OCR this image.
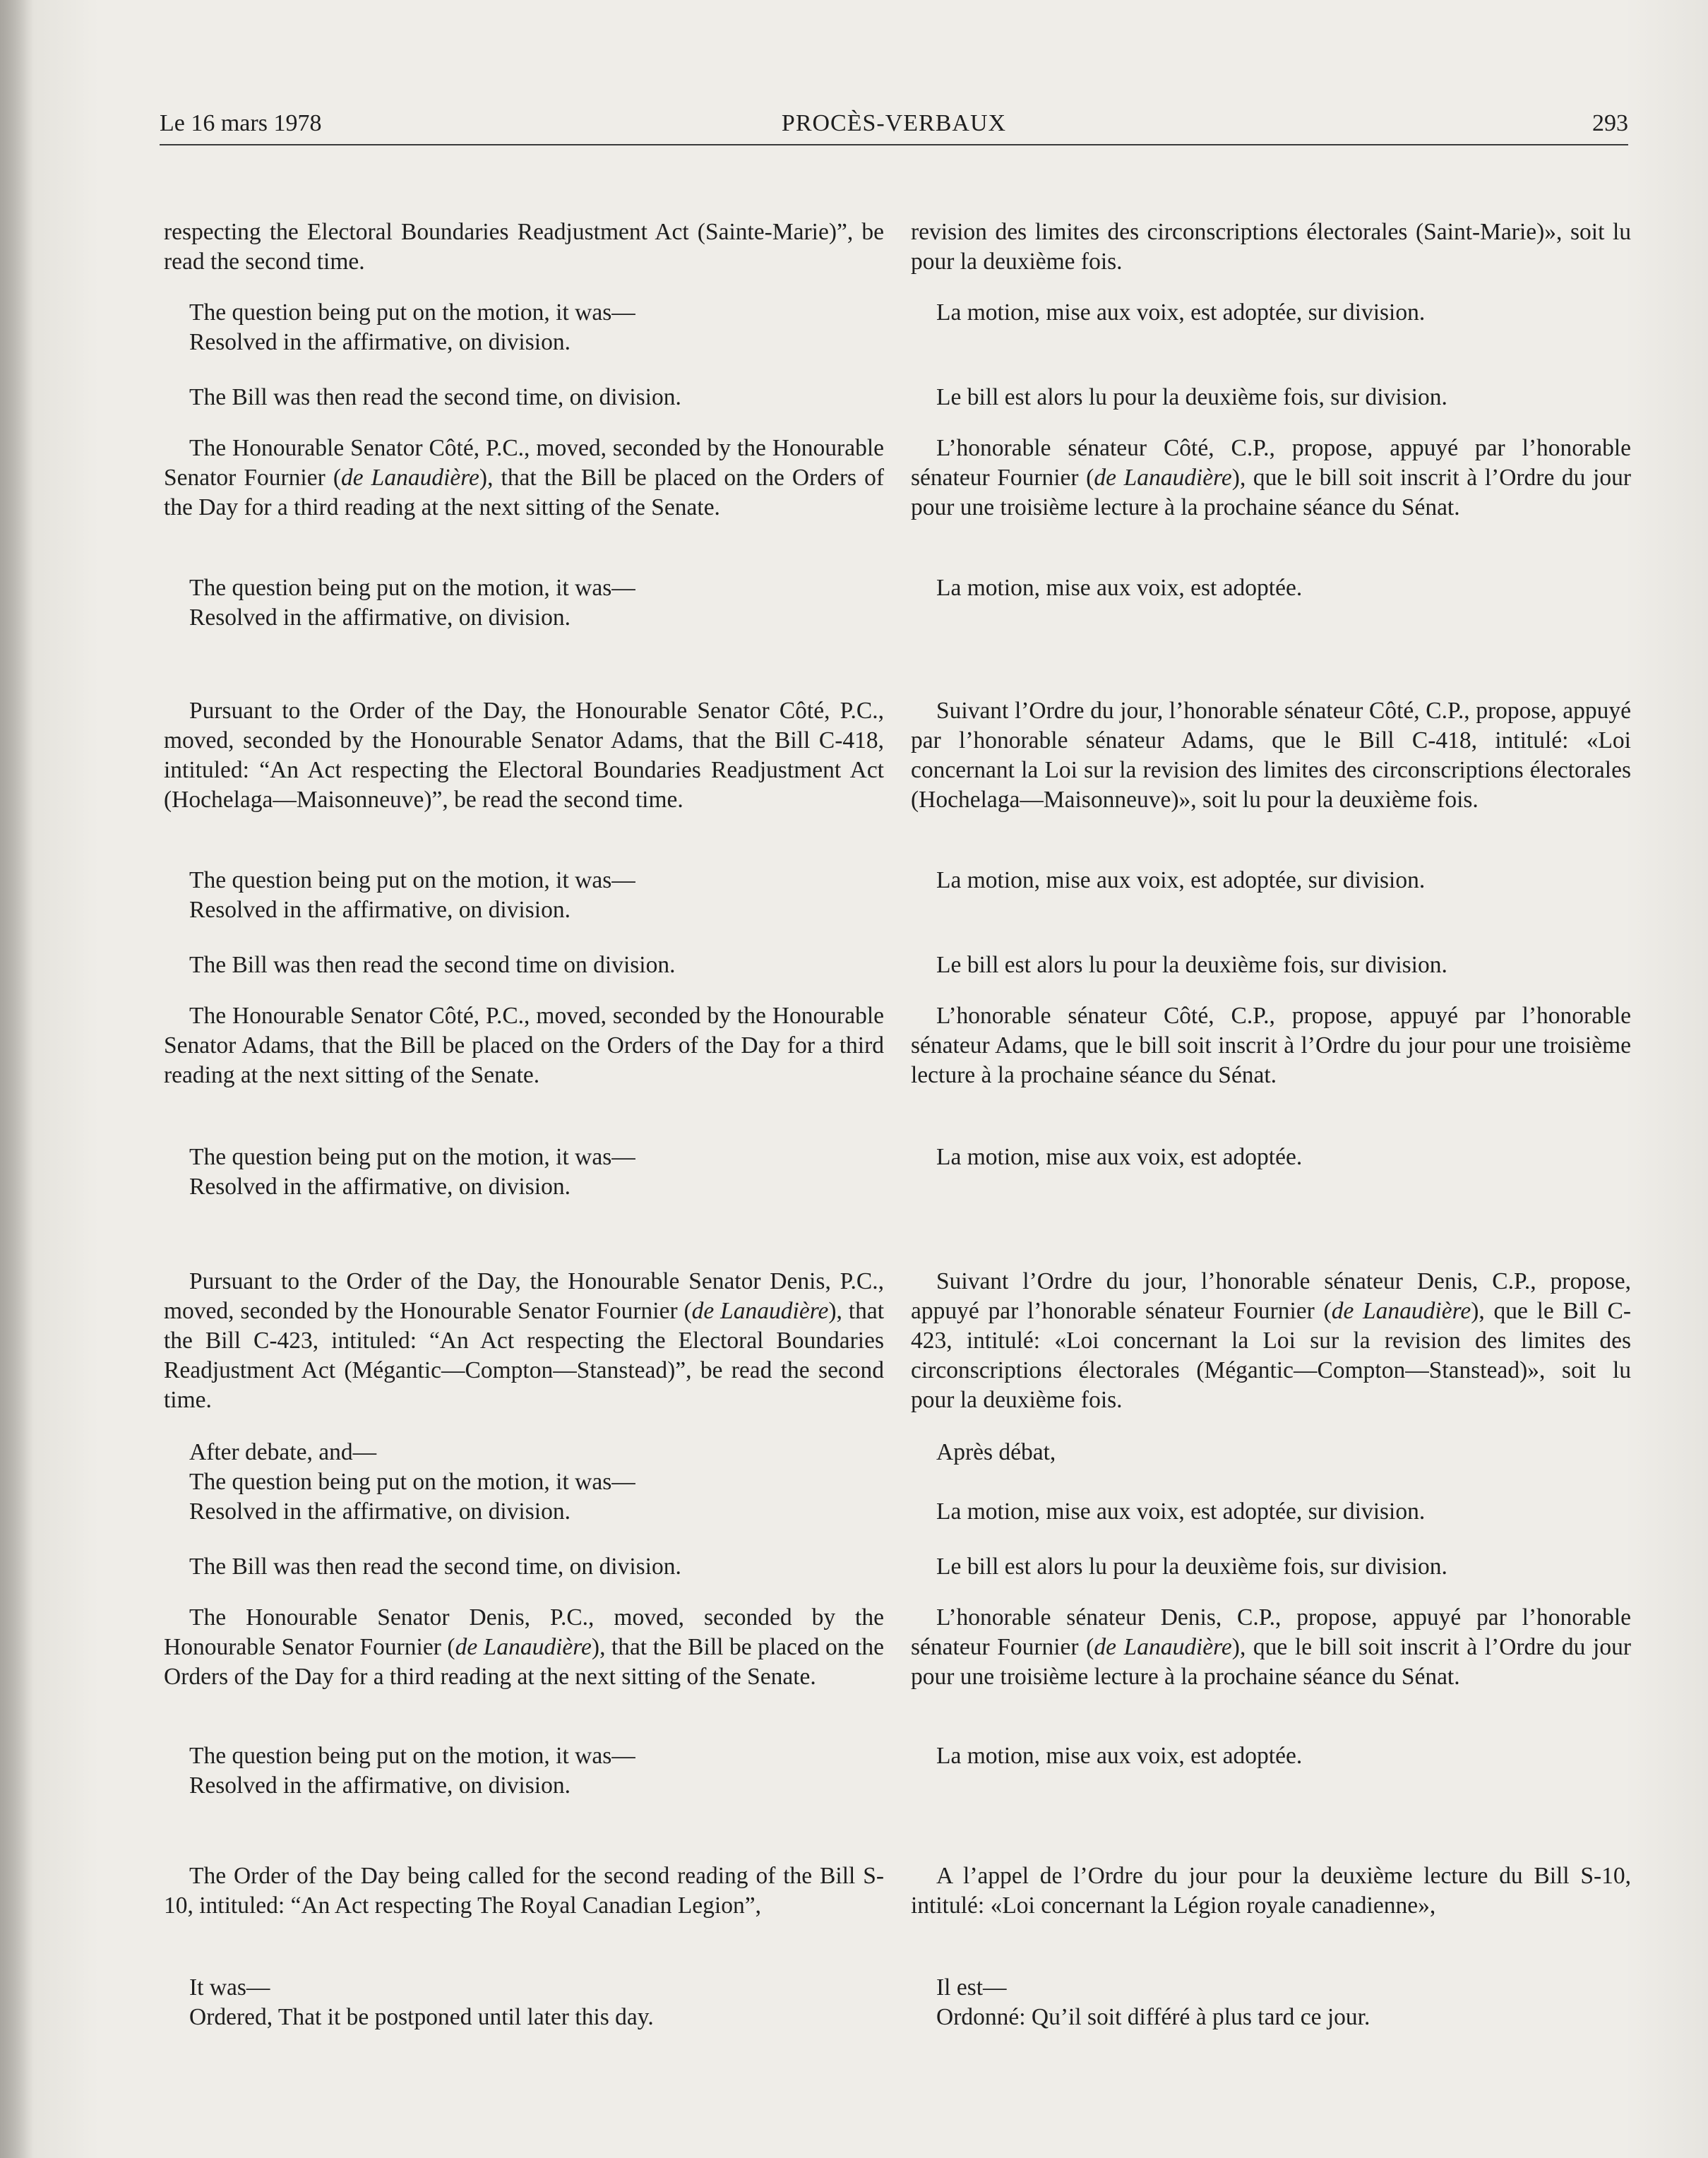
Le 16 mars 1978	PROCÈS-VERBAUX	293

respecting the Electoral Boundaries Readjustment Act (Sainte-Marie)”, be read the second time.

The question being put on the motion, it was—
Resolved in the affirmative, on division.

The Bill was then read the second time, on division.

The Honourable Senator Côté, P.C., moved, seconded by the Honourable Senator Fournier (de Lanaudière), that the Bill be placed on the Orders of the Day for a third reading at the next sitting of the Senate.

The question being put on the motion, it was—
Resolved in the affirmative, on division.

Pursuant to the Order of the Day, the Honourable Senator Côté, P.C., moved, seconded by the Honourable Senator Adams, that the Bill C-418, intituled: “An Act respecting the Electoral Boundaries Readjustment Act (Hochelaga—Maisonneuve)”, be read the second time.

The question being put on the motion, it was—
Resolved in the affirmative, on division.

The Bill was then read the second time on division.

The Honourable Senator Côté, P.C., moved, seconded by the Honourable Senator Adams, that the Bill be placed on the Orders of the Day for a third reading at the next sitting of the Senate.

The question being put on the motion, it was—
Resolved in the affirmative, on division.

Pursuant to the Order of the Day, the Honourable Senator Denis, P.C., moved, seconded by the Honourable Senator Fournier (de Lanaudière), that the Bill C-423, intituled: “An Act respecting the Electoral Boundaries Readjustment Act (Mégantic—Compton—Stanstead)”, be read the second time.

After debate, and—
The question being put on the motion, it was—
Resolved in the affirmative, on division.

The Bill was then read the second time, on division.

The Honourable Senator Denis, P.C., moved, seconded by the Honourable Senator Fournier (de Lanaudière), that the Bill be placed on the Orders of the Day for a third reading at the next sitting of the Senate.

The question being put on the motion, it was—
Resolved in the affirmative, on division.

The Order of the Day being called for the second reading of the Bill S-10, intituled: “An Act respecting The Royal Canadian Legion”,

It was—
Ordered, That it be postponed until later this day.

revision des limites des circonscriptions électorales (Saint-Marie)», soit lu pour la deuxième fois.

La motion, mise aux voix, est adoptée, sur division.

Le bill est alors lu pour la deuxième fois, sur division.

L’honorable sénateur Côté, C.P., propose, appuyé par l’honorable sénateur Fournier (de Lanaudière), que le bill soit inscrit à l’Ordre du jour pour une troisième lecture à la prochaine séance du Sénat.

La motion, mise aux voix, est adoptée.

Suivant l’Ordre du jour, l’honorable sénateur Côté, C.P., propose, appuyé par l’honorable sénateur Adams, que le Bill C-418, intitulé: «Loi concernant la Loi sur la revision des limites des circonscriptions électorales (Hochelaga—Maisonneuve)», soit lu pour la deuxième fois.

La motion, mise aux voix, est adoptée, sur division.

Le bill est alors lu pour la deuxième fois, sur division.

L’honorable sénateur Côté, C.P., propose, appuyé par l’honorable sénateur Adams, que le bill soit inscrit à l’Ordre du jour pour une troisième lecture à la prochaine séance du Sénat.

La motion, mise aux voix, est adoptée.

Suivant l’Ordre du jour, l’honorable sénateur Denis, C.P., propose, appuyé par l’honorable sénateur Fournier (de Lanaudière), que le Bill C-423, intitulé: «Loi concernant la Loi sur la revision des limites des circonscriptions électorales (Mégantic—Compton—Stanstead)», soit lu pour la deuxième fois.

Après débat,

La motion, mise aux voix, est adoptée, sur division.

Le bill est alors lu pour la deuxième fois, sur division.

L’honorable sénateur Denis, C.P., propose, appuyé par l’honorable sénateur Fournier (de Lanaudière), que le bill soit inscrit à l’Ordre du jour pour une troisième lecture à la prochaine séance du Sénat.

La motion, mise aux voix, est adoptée.

A l’appel de l’Ordre du jour pour la deuxième lecture du Bill S-10, intitulé: «Loi concernant la Légion royale canadienne»,

Il est—
Ordonné: Qu’il soit différé à plus tard ce jour.
